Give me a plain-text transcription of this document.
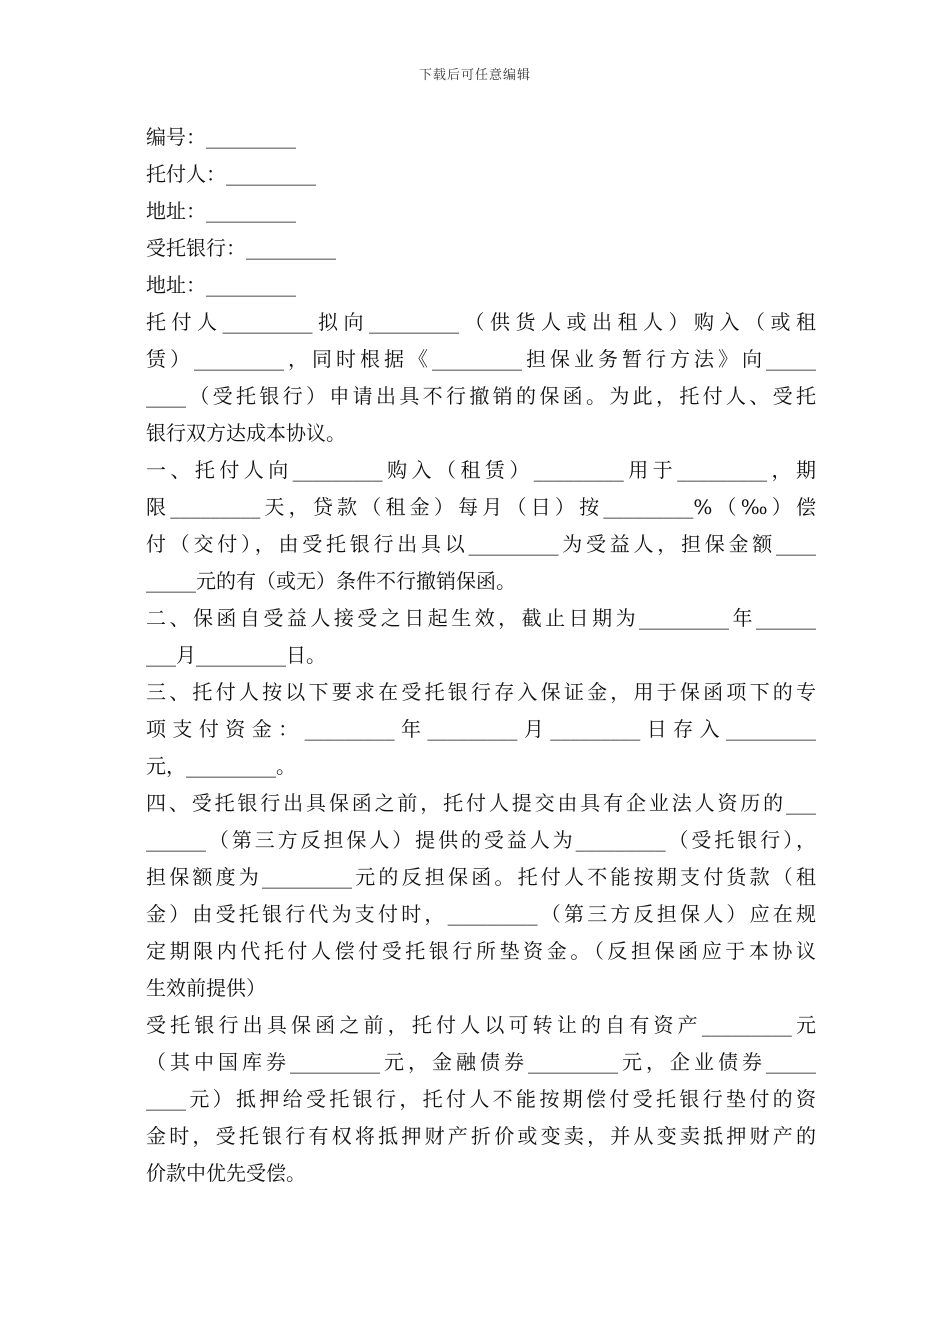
下载后可任意编辑
编号：_________
托付人：_________
地址：_________
受托银行：_________
地址：_________
托付人_________拟向_________（供货人或出租人）购入（或租
赁）_________，同时根据《_________担保业务暂行方法》向_____
____（受托银行）申请出具不行撤销的保函。为此，托付人、受托
银行双方达成本协议。
一、托付人向_________购入（租赁）_________用于_________，期
限_________天，贷款（租金）每月（日）按_________%（‰）偿
付（交付），由受托银行出具以_________为受益人，担保金额____
_____元的有（或无）条件不行撤销保函。
二、保函自受益人接受之日起生效，截止日期为_________年______
___月_________日。
三、托付人按以下要求在受托银行存入保证金，用于保函项下的专
项支付资金：_________年_________月_________日存入_________
元，_________。
四、受托银行出具保函之前，托付人提交由具有企业法人资历的___
______（第三方反担保人）提供的受益人为_________（受托银行），
担保额度为_________元的反担保函。托付人不能按期支付货款（租
金）由受托银行代为支付时，_________（第三方反担保人）应在规
定期限内代托付人偿付受托银行所垫资金。（反担保函应于本协议
生效前提供）
受托银行出具保函之前，托付人以可转让的自有资产_________元
（其中国库券_________元，金融债券_________元，企业债券_____
____元）抵押给受托银行，托付人不能按期偿付受托银行垫付的资
金时，受托银行有权将抵押财产折价或变卖，并从变卖抵押财产的
价款中优先受偿。
